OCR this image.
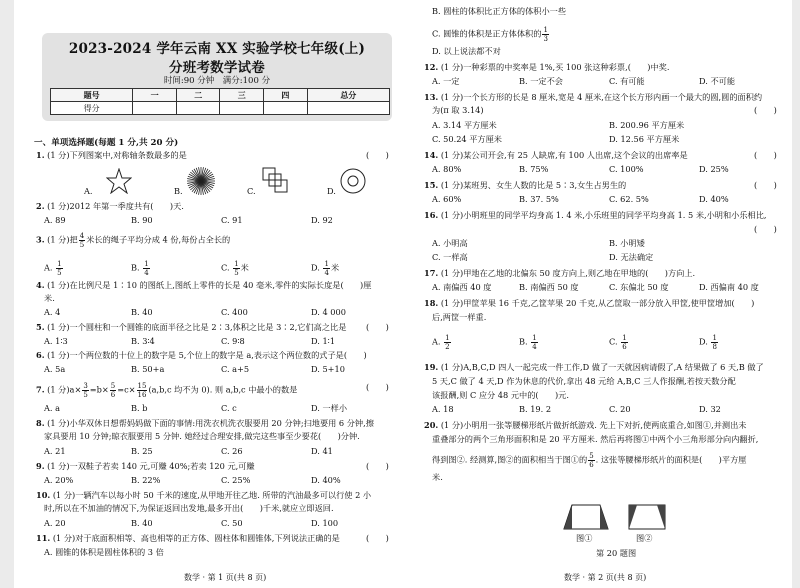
2023-2024 学年云南 XX 实验学校七年级(上)
分班考数学试卷
时间:90 分钟　满分:100 分
题号	一	二	三	四	总分
得分					
一、单项选择题(每题 1 分,共 20 分)
1. (1 分)下列图案中,对称轴条数最多的是	(　　)
A.	B.	C.	D.
2. (1 分)2012 年第一季度共有(　　)天.
A. 89	B. 90	C. 91	D. 92
3. (1 分)把 $\frac{4}{5}$ 米长的绳子平均分成 4 份,每份占全长的
A. $\frac{1}{5}$	B. $\frac{1}{4}$	C. $\frac{1}{5}$ 米	D. $\frac{1}{4}$ 米
4. (1 分)在比例尺是 1∶10 的图纸上,图纸上零件的长是 40 毫米,零件的实际长度是(　　)厘
米.
A. 4	B. 40	C. 400	D. 4 000
5. (1 分)一个圆柱和一个圆锥的底面半径之比是 2∶3,体积之比是 3∶2,它们高之比是 (　　)
A. 1∶3	B. 3∶4	C. 9∶8	D. 1∶1
6. (1 分)一个两位数的十位上的数字是 5,个位上的数字是 a,表示这个两位数的式子是(　　)
A. 5a	B. 50+a	C. a+5	D. 5+10
7. (1 分)$a\times \frac{3}{5} =b\times \frac{5}{6} =c\times \frac{15}{16} (a,b,c$ 均不为 0). 则 a,b,c 中最小的数是	(　　)
A. a	B. b	C. c	D. 一样小
8. (1 分)小华双休日想帮妈妈做下面的事情:用洗衣机洗衣服要用 20 分钟;扫地要用 6 分钟,擦
家具要用 10 分钟;晾衣服要用 5 分钟. 她经过合理安排,做完这些事至少要花(　　)分钟.
A. 21	B. 25	C. 26	D. 41
9. (1 分)一双鞋子若卖 140 元,可赚 40%;若卖 120 元,可赚	(　　)
A. 20%	B. 22%	C. 25%	D. 40%
10. (1 分)一辆汽车以每小时 50 千米的速度,从甲地开往乙地. 所带的汽油最多可以行使 2 小
时,所以在不加油的情况下,为保证返回出发地,最多开出(　　)千米,就应立即返回.
A. 20	B. 40	C. 50	D. 100
11. (1 分)对于底面积相等、高也相等的正方体、圆柱体和圆锥体,下列说法正确的是	(　　)
A. 圆锥的体积是圆柱体积的 3 倍
数学 · 第 1 页(共 8 页)
B. 圆柱的体积比正方体的体积小一些
C. 圆锥的体积是正方体体积的 $\frac{1}{3}$
D. 以上说法都不对
12. (1 分)一种彩票的中奖率是 1%,买 100 张这种彩票,(　　)中奖.
A. 一定	B. 一定不会	C. 有可能	D. 不可能
13. (1 分)一个长方形的长是 8 厘米,宽是 4 厘米,在这个长方形内画一个最大的圆,圆的面积约
为(π 取 3.14)	(　　)
A. 3.14 平方厘米	B. 200.96 平方厘米
C. 50.24 平方厘米	D. 12.56 平方厘米
14. (1 分)某公司开会,有 25 人缺席,有 100 人出席,这个会议的出席率是	(　　)
A. 80%	B. 75%	C. 100%	D. 25%
15. (1 分)某班男、女生人数的比是 5∶3,女生占男生的	(　　)
A. 60%	B. 37. 5%	C. 62. 5%	D. 40%
16. (1 分)小明班里的同学平均身高 1. 4 米,小乐班里的同学平均身高 1. 5 米,小明和小乐相比,
(　　)
A. 小明高	B. 小明矮
C. 一样高	D. 无法确定
17. (1 分)甲地在乙地的北偏东 50 度方向上,则乙地在甲地的(　　)方向上.
A. 南偏西 40 度	B. 南偏西 50 度	C. 东偏北 50 度	D. 西偏南 40 度
18. (1 分)甲筐苹果 16 千克,乙筐苹果 20 千克,从乙筐取一部分放入甲筐,使甲筐增加(　　)
后,两筐一样重.
A. $\frac{1}{2}$	B. $\frac{1}{4}$	C. $\frac{1}{6}$	D. $\frac{1}{8}$
19. (1 分)A,B,C,D 四人一起完成一件工作,D 做了一天就因病请假了,A 结果做了 6 天,B 做了
5 天,C 做了 4 天,D 作为休息的代价,拿出 48 元给 A,B,C 三人作报酬,若按天数分配
该报酬,则 C 应分 48 元中的(　　)元.
A. 18	B. 19. 2	C. 20	D. 32
20. (1 分)小明用一张等腰梯形纸片做折纸游戏. 先上下对折,使两底重合,如图①,并测出未
重叠部分的两个三角形面积和是 20 平方厘米. 然后再将图①中两个小三角形部分向内翻折,
得到图②. 经测算,图②的面积相当于图①的 $\frac{5}{6}$ . 这张等腰梯形纸片的面积是(　　)平方厘
米.
图①	图②
第 20 题图
数学 · 第 2 页(共 8 页)
